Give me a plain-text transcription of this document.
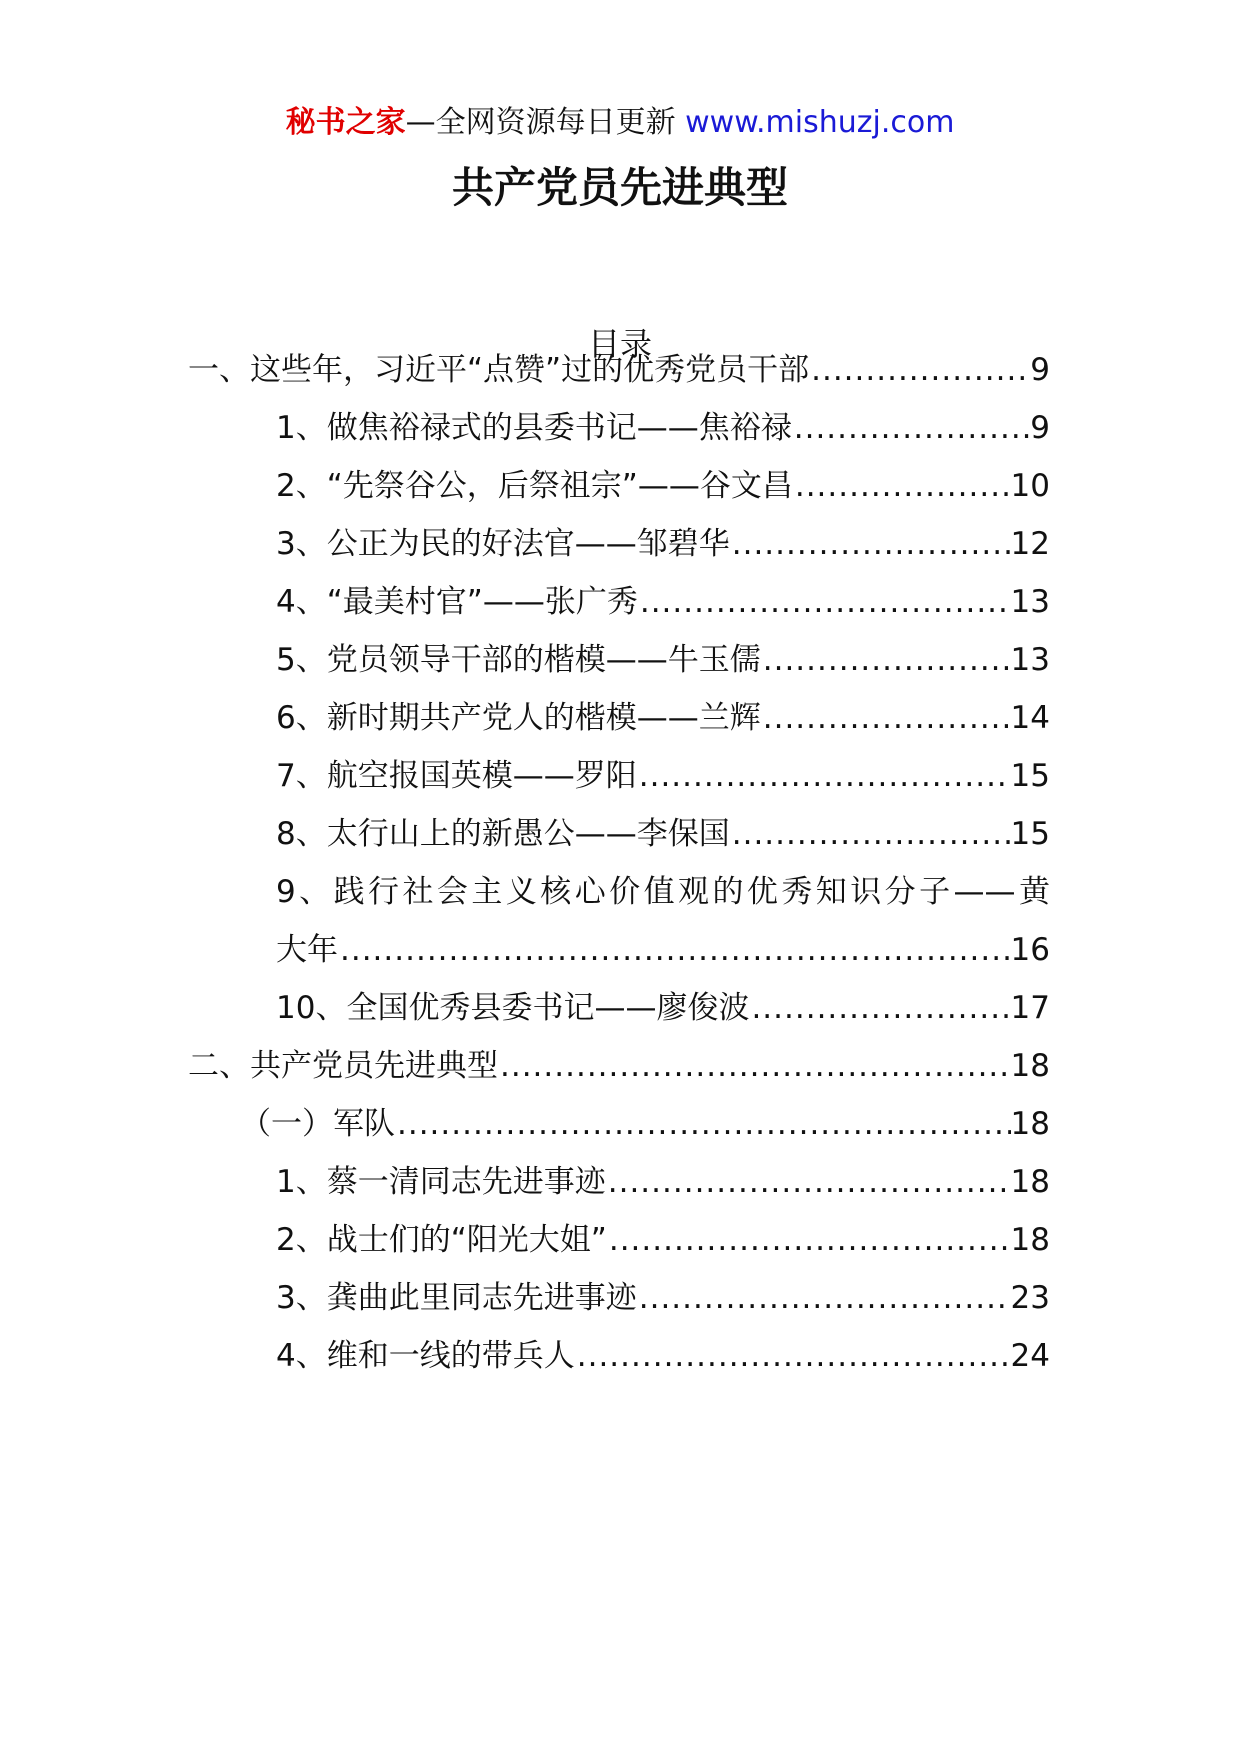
秘书之家—全网资源每日更新 www.mishuzj.com
共产党员先进典型
目录
一、这些年，习近平“点赞”过的优秀党员干部 .....	9
1、做焦裕禄式的县委书记——焦裕禄 .....	9
2、“先祭谷公，后祭祖宗”——谷文昌 .....	10
3、公正为民的好法官——邹碧华 .....	12
4、“最美村官”——张广秀 .....	13
5、党员领导干部的楷模——牛玉儒 .....	13
6、新时期共产党人的楷模——兰辉 .....	14
7、航空报国英模——罗阳 .....	15
8、太行山上的新愚公——李保国 .....	15
9、践行社会主义核心价值观的优秀知识分子——黄
大年 .....	16
10、全国优秀县委书记——廖俊波 .....	17
二、共产党员先进典型 .....	18
（一）军队 .....	18
1、蔡一清同志先进事迹 .....	18
2、战士们的“阳光大姐” .....	18
3、龚曲此里同志先进事迹 .....	23
4、维和一线的带兵人 .....	24
